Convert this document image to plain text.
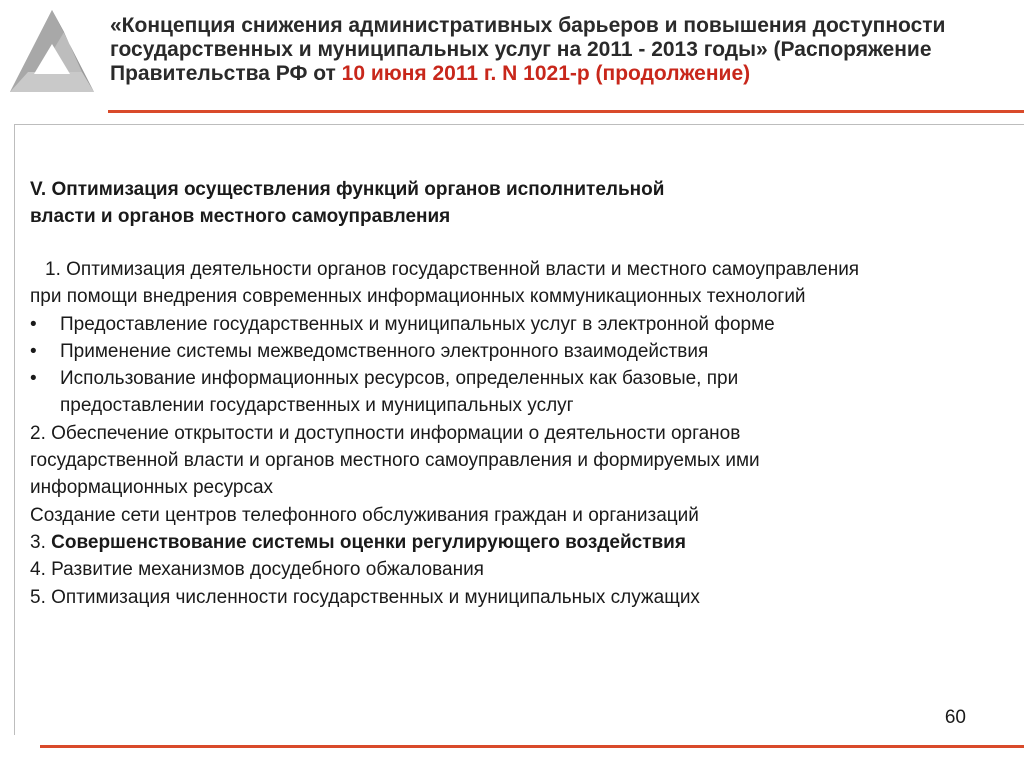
«Концепция снижения административных барьеров и повышения доступности государственных и муниципальных услуг на 2011 - 2013 годы» (Распоряжение Правительства РФ от 10 июня 2011 г. N 1021-р (продолжение)
V. Оптимизация осуществления функций органов исполнительной
власти и органов местного самоуправления
1. Оптимизация деятельности органов государственной власти и местного самоуправления
при помощи внедрения современных информационных коммуникационных технологий
•	Предоставление государственных и муниципальных услуг в электронной форме
•	Применение системы межведомственного электронного взаимодействия
•	Использование информационных ресурсов, определенных как базовые, при
предоставлении государственных и муниципальных услуг
2. Обеспечение открытости и доступности информации о деятельности органов
государственной власти и органов местного самоуправления и формируемых ими
информационных ресурсах
Создание сети центров телефонного обслуживания граждан и организаций
3. Совершенствование системы оценки регулирующего воздействия
4. Развитие механизмов досудебного обжалования
5. Оптимизация численности государственных и муниципальных служащих
60
